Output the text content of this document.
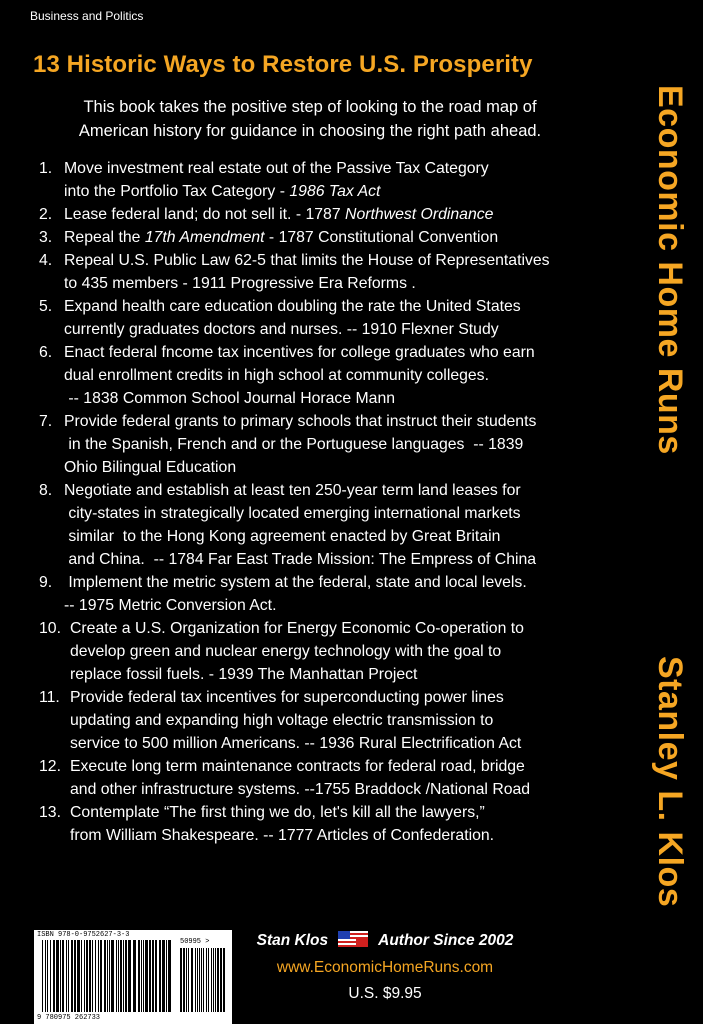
Business and Politics
13 Historic Ways to Restore U.S. Prosperity
This book takes the positive step of looking to the road map of
American history for guidance in choosing the right path ahead.
1. Move investment real estate out of the Passive Tax Category
into the Portfolio Tax Category - 1986 Tax Act
2. Lease federal land; do not sell it. - 1787 Northwest Ordinance
3. Repeal the 17th Amendment - 1787 Constitutional Convention
4. Repeal U.S. Public Law 62-5 that limits the House of Representatives
to 435 members - 1911 Progressive Era Reforms .
5. Expand health care education doubling the rate the United States
currently graduates doctors and nurses. -- 1910 Flexner Study
6. Enact federal fncome tax incentives for college graduates who earn
dual enrollment credits in high school at community colleges.
-- 1838 Common School Journal Horace Mann
7. Provide federal grants to primary schools that instruct their students
in the Spanish, French and or the Portuguese languages  -- 1839
Ohio Bilingual Education
8. Negotiate and establish at least ten 250-year term land leases for
city-states in strategically located emerging international markets
similar  to the Hong Kong agreement enacted by Great Britain
and China.  -- 1784 Far East Trade Mission: The Empress of China
9. Implement the metric system at the federal, state and local levels.
-- 1975 Metric Conversion Act.
10. Create a U.S. Organization for Energy Economic Co-operation to
develop green and nuclear energy technology with the goal to
replace fossil fuels. - 1939 The Manhattan Project
11. Provide federal tax incentives for superconducting power lines
updating and expanding high voltage electric transmission to
service to 500 million Americans. -- 1936 Rural Electrification Act
12. Execute long term maintenance contracts for federal road, bridge
and other infrastructure systems. --1755 Braddock /National Road
13. Contemplate “The first thing we do, let's kill all the lawyers,”
from William Shakespeare. -- 1777 Articles of Confederation.
Economic Home Runs
Stanley L. Klos
ISBN 978-0-9752627-3-3
50995 >
9 780975 262733
Stan Klos	Author Since 2002
www.EconomicHomeRuns.com
U.S. $9.95
